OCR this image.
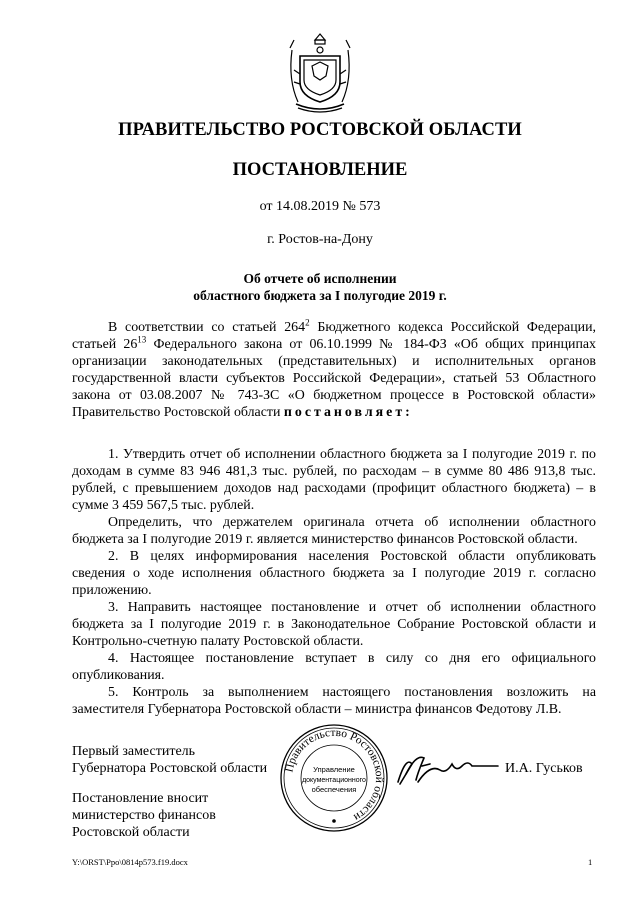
ПРАВИТЕЛЬСТВО РОСТОВСКОЙ ОБЛАСТИ
ПОСТАНОВЛЕНИЕ
от 14.08.2019 № 573
г. Ростов-на-Дону
Об отчете об исполнении
областного бюджета за I полугодие 2019 г.

В соответствии со статьей $264^2$ Бюджетного кодекса Российской Федерации, статьей $26^{13}$ Федерального закона от 06.10.1999 № 184-ФЗ «Об общих принципах организации законодательных (представительных) и исполнительных органов государственной власти субъектов Российской Федерации», статьей 53 Областного закона от 03.08.2007 № 743-ЗС «О бюджетном процессе в Ростовской области» Правительство Ростовской области постановляет:

1. Утвердить отчет об исполнении областного бюджета за I полугодие 2019 г. по доходам в сумме 83 946 481,3 тыс. рублей, по расходам – в сумме 80 486 913,8 тыс. рублей, с превышением доходов над расходами (профицит областного бюджета) – в сумме 3 459 567,5 тыс. рублей.

Определить, что держателем оригинала отчета об исполнении областного бюджета за I полугодие 2019 г. является министерство финансов Ростовской области.

2. В целях информирования населения Ростовской области опубликовать сведения о ходе исполнения областного бюджета за I полугодие 2019 г. согласно приложению.

3. Направить настоящее постановление и отчет об исполнении областного бюджета за I полугодие 2019 г. в Законодательное Собрание Ростовской области и Контрольно-счетную палату Ростовской области.

4. Настоящее постановление вступает в силу со дня его официального опубликования.

5. Контроль за выполнением настоящего постановления возложить на заместителя Губернатора Ростовской области – министра финансов Федотову Л.В.

Первый заместитель
Губернатора Ростовской области Правительство Ростовской области
Управление
документационного
обеспечения
И.А. Гуськов
Постановление вносит
министерство финансов
Ростовской области
Y:\ORST\Ppo\0814p573.f19.docx	1
